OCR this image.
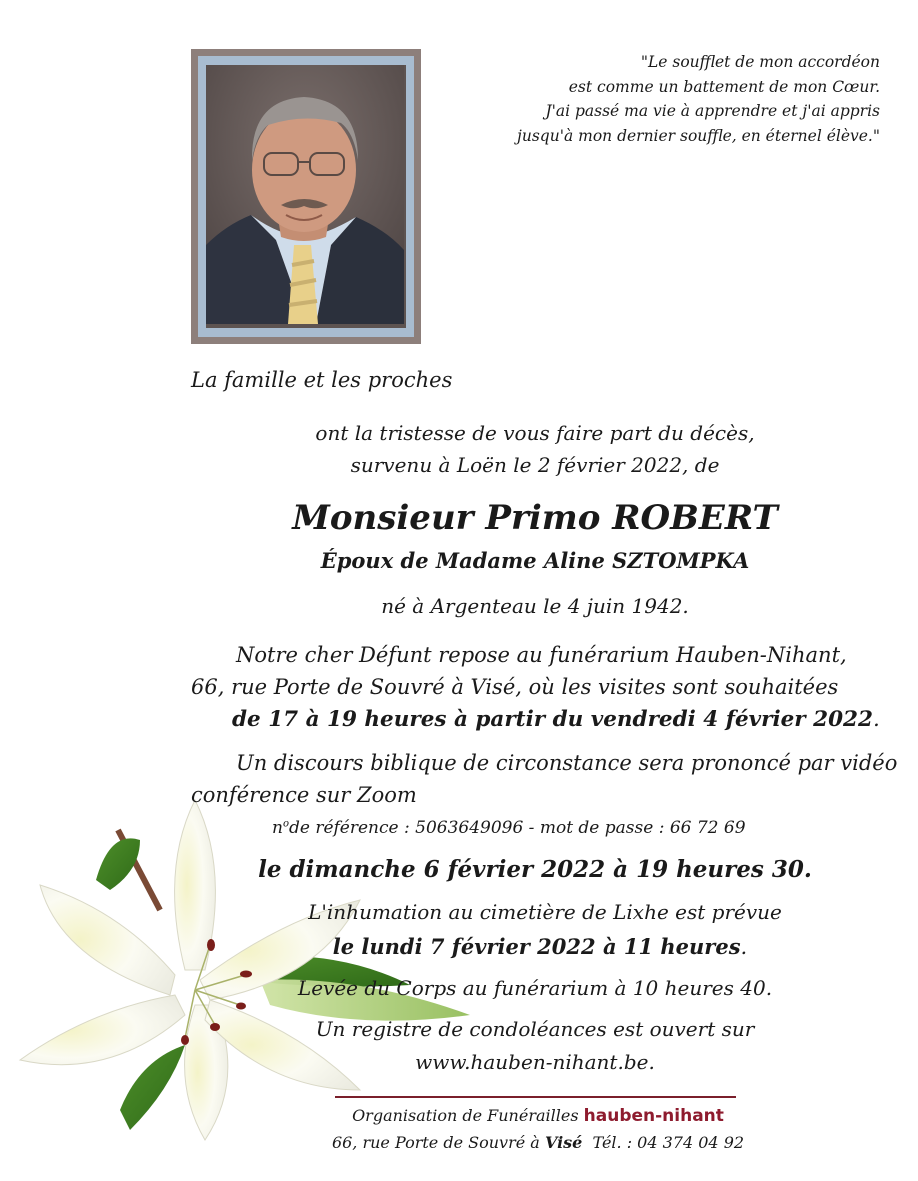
"Le soufflet de mon accordéon
est comme un battement de mon Cœur.
J'ai passé ma vie à apprendre et j'ai appris
jusqu'à mon dernier souffle, en éternel élève."
La famille et les proches
ont la tristesse de vous faire part du décès,
survenu à Loën le 2 février 2022, de
Monsieur Primo ROBERT
Époux de Madame Aline SZTOMPKA
né à Argenteau le 4 juin 1942.
Notre cher Défunt repose au funérarium Hauben-Nihant,
66, rue Porte de Souvré à Visé, où les visites sont souhaitées
de 17 à 19 heures à partir du vendredi 4 février 2022.
Un discours biblique de circonstance sera prononcé par vidéo
conférence sur Zoom
$n^ode$ référence : 5063649096 - mot de passe : 66 72 69
le dimanche 6 février 2022 à 19 heures 30.
L'inhumation au cimetière de Lixhe est prévue
le lundi 7 février 2022 à 11 heures.
Levée du Corps au funérarium à 10 heures 40.
Un registre de condoléances est ouvert sur
www.hauben-nihant.be.
Organisation de Funérailles hauben-nihant
66, rue Porte de Souvré à Visé Tél. : 04 374 04 92
